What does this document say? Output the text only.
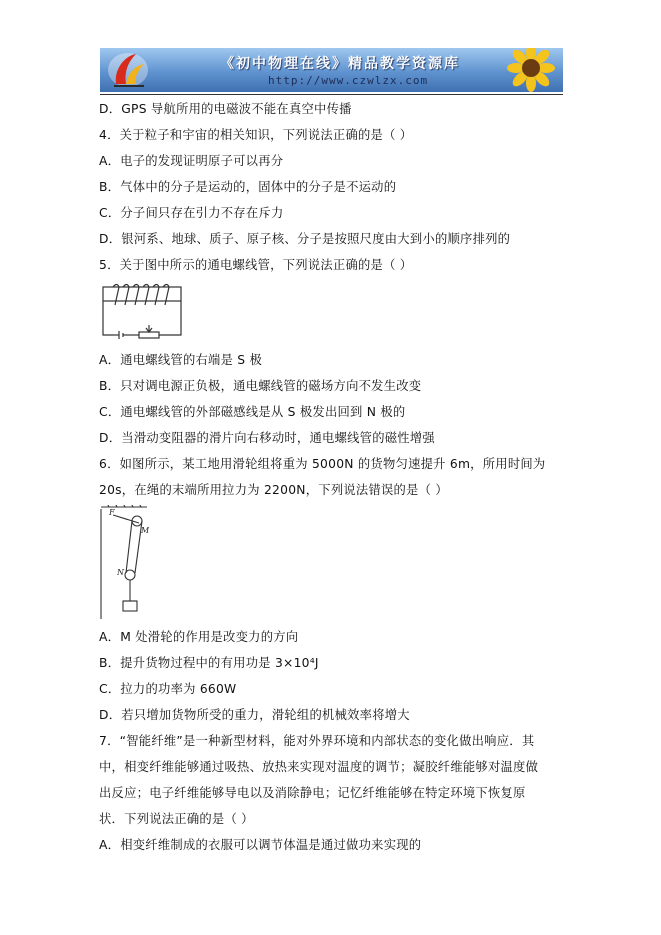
《初中物理在线》精品教学资源库
http://www.czwlzx.com
D．GPS 导航所用的电磁波不能在真空中传播
4．关于粒子和宇宙的相关知识，下列说法正确的是（ ）
A．电子的发现证明原子可以再分
B．气体中的分子是运动的，固体中的分子是不运动的
C．分子间只存在引力不存在斥力
D．银河系、地球、质子、原子核、分子是按照尺度由大到小的顺序排列的
5．关于图中所示的通电螺线管，下列说法正确的是（ ）
A．通电螺线管的右端是 S 极
B．只对调电源正负极，通电螺线管的磁场方向不发生改变
C．通电螺线管的外部磁感线是从 S 极发出回到 N 极的
D．当滑动变阻器的滑片向右移动时，通电螺线管的磁性增强
6．如图所示，某工地用滑轮组将重为 5000N 的货物匀速提升 6m，所用时间为
20s，在绳的末端所用拉力为 2200N，下列说法错误的是（ ）
F
M
N
A．M 处滑轮的作用是改变力的方向
B．提升货物过程中的有用功是 3×10⁴J
C．拉力的功率为 660W
D．若只增加货物所受的重力，滑轮组的机械效率将增大
7．“智能纤维”是一种新型材料，能对外界环境和内部状态的变化做出响应．其
中，相变纤维能够通过吸热、放热来实现对温度的调节；凝胶纤维能够对温度做
出反应；电子纤维能够导电以及消除静电；记忆纤维能够在特定环境下恢复原
状．下列说法正确的是（ ）
A．相变纤维制成的衣服可以调节体温是通过做功来实现的
